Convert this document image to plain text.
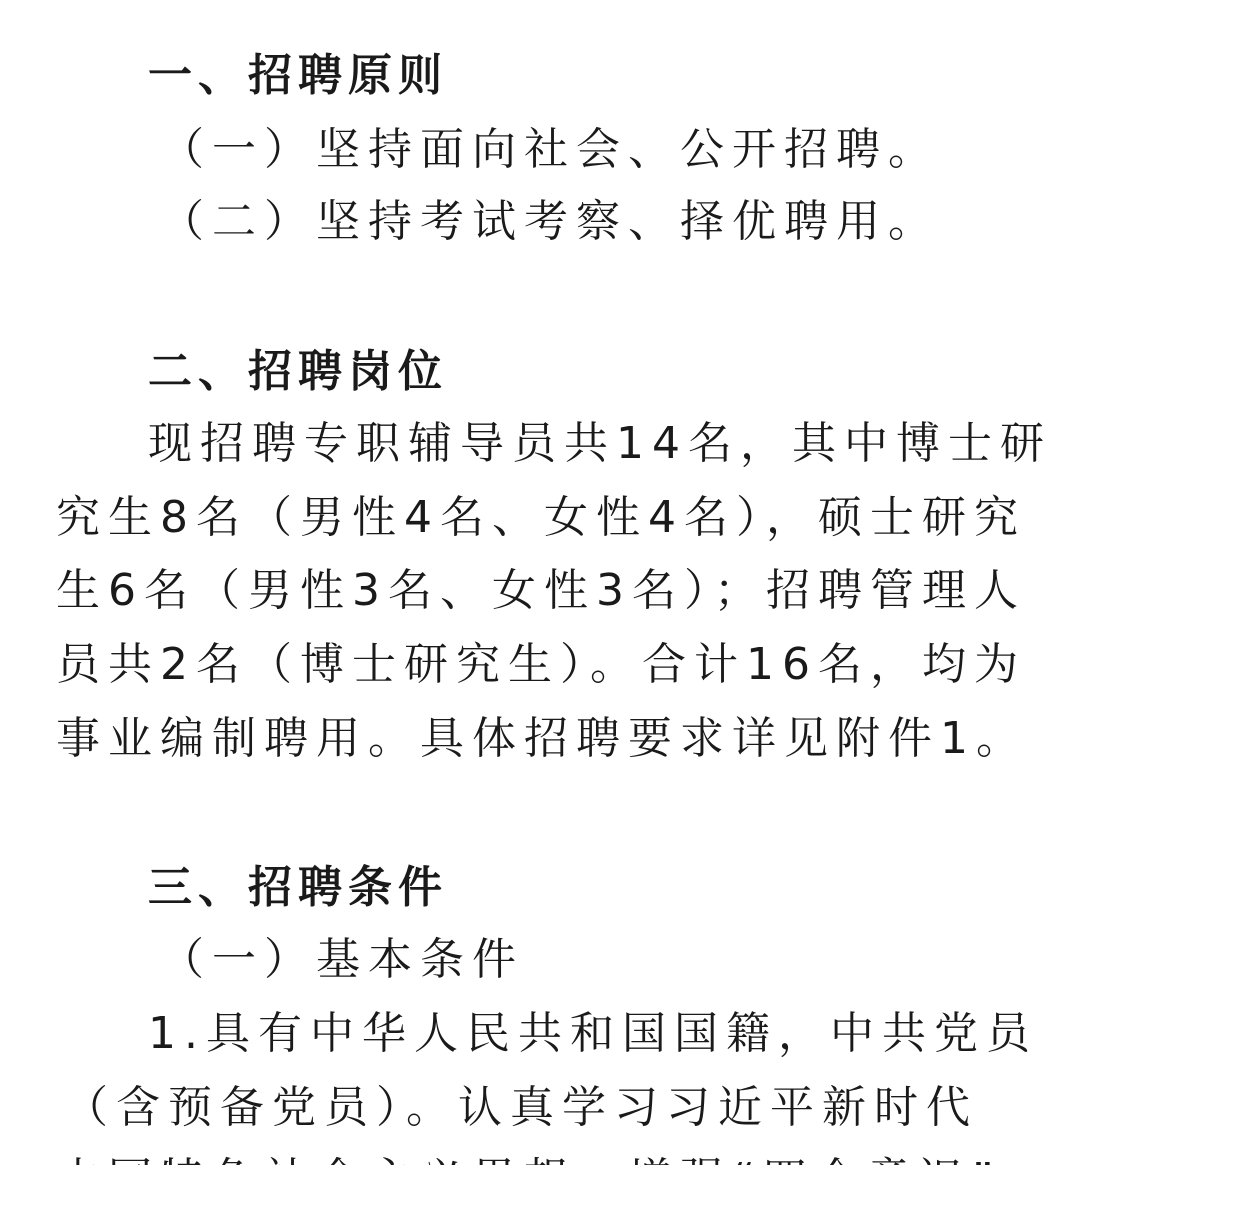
一、招聘原则
（一）坚持面向社会、公开招聘。
（二）坚持考试考察、择优聘用。
二、招聘岗位
现招聘专职辅导员共14名，其中博士研
究生8名（男性4名、女性4名），硕士研究
生6名（男性3名、女性3名）；招聘管理人
员共2名（博士研究生）。合计16名，均为
事业编制聘用。具体招聘要求详见附件1。
三、招聘条件
（一）基本条件
1.具有中华人民共和国国籍，中共党员
（含预备党员）。认真学习习近平新时代
